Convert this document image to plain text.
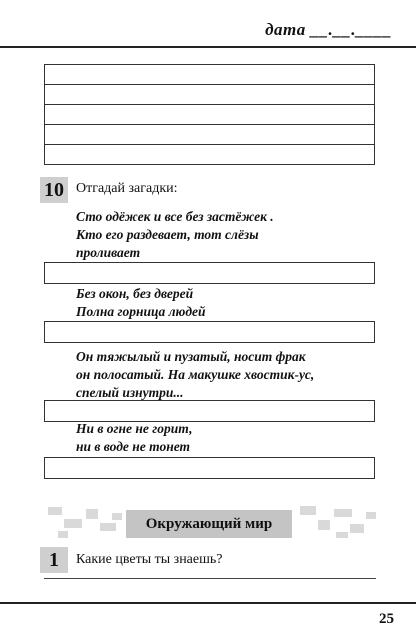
дата __.__.____
10 Отгадай загадки:
Сто одёжек и все без застёжек .
Кто его раздевает, тот слёзы
проливает
Без окон, без дверей
Полна горница людей
Он тяжылый и пузатый, носит фрак
он полосатый. На макушке хвостик-ус,
спелый изнутри...
Ни в огне не горит,
ни в воде не тонет
Окружающий мир
1	Какие цветы ты знаешь?
25
